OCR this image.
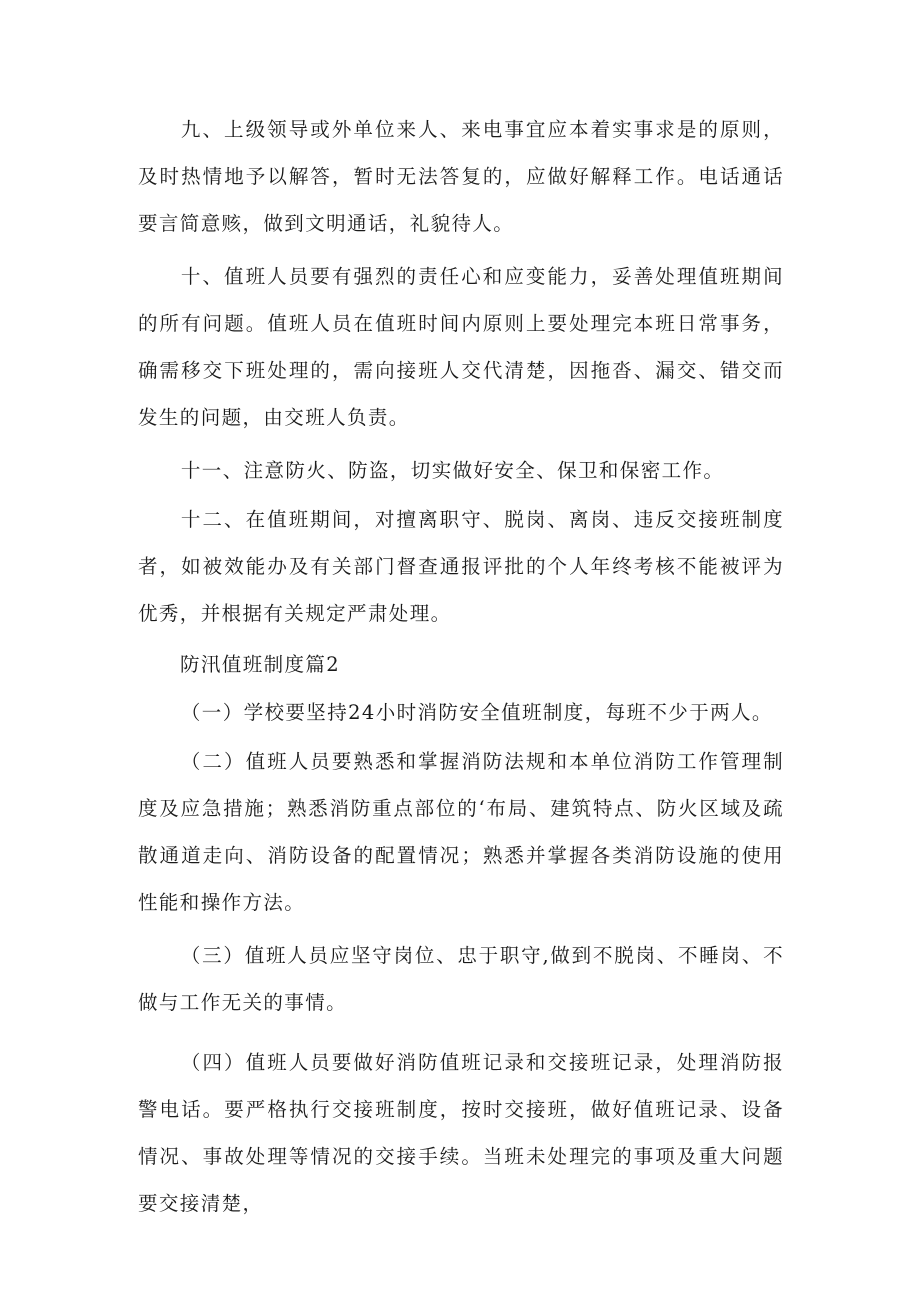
九、上级领导或外单位来人、来电事宜应本着实事求是的原则，及时热情地予以解答，暂时无法答复的，应做好解释工作。电话通话要言简意赅，做到文明通话，礼貌待人。

十、值班人员要有强烈的责任心和应变能力，妥善处理值班期间的所有问题。值班人员在值班时间内原则上要处理完本班日常事务，确需移交下班处理的，需向接班人交代清楚，因拖沓、漏交、错交而发生的问题，由交班人负责。

十一、注意防火、防盗，切实做好安全、保卫和保密工作。

十二、在值班期间，对擅离职守、脱岗、离岗、违反交接班制度者，如被效能办及有关部门督查通报评批的个人年终考核不能被评为优秀，并根据有关规定严肃处理。

防汛值班制度篇2

（一）学校要坚持24小时消防安全值班制度，每班不少于两人。

（二）值班人员要熟悉和掌握消防法规和本单位消防工作管理制度及应急措施；熟悉消防重点部位的‘布局、建筑特点、防火区域及疏散通道走向、消防设备的配置情况；熟悉并掌握各类消防设施的使用性能和操作方法。

（三）值班人员应坚守岗位、忠于职守,做到不脱岗、不睡岗、不做与工作无关的事情。

（四）值班人员要做好消防值班记录和交接班记录，处理消防报警电话。要严格执行交接班制度，按时交接班，做好值班记录、设备情况、事故处理等情况的交接手续。当班未处理完的事项及重大问题要交接清楚，
